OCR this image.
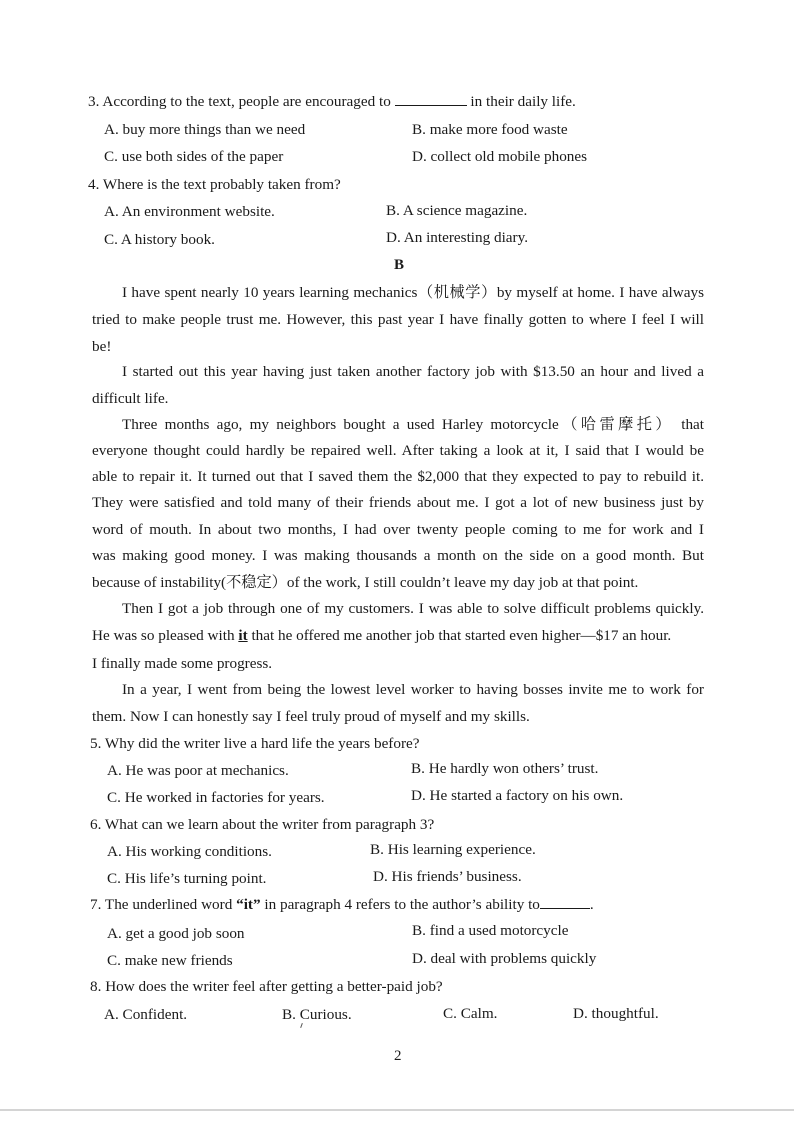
3. According to the text, people are encouraged to	in their daily life.
A. buy more things than we need	B. make more food waste
C. use both sides of the paper	D. collect old mobile phones
4. Where is the text probably taken from?
A. An environment website.	B. A science magazine.
C. A history book.	D. An interesting diary.
B
I have spent nearly 10 years learning mechanics（机械学）by myself at home. I have always
tried to make people trust me. However, this past year I have finally gotten to where I feel I will
be!
I started out this year having just taken another factory job with $13.50 an hour and lived a
difficult life.
Three months ago, my neighbors bought a used Harley motorcycle（哈雷摩托） that
everyone thought could hardly be repaired well. After taking a look at it, I said that I would be
able to repair it. It turned out that I saved them the $2,000 that they expected to pay to rebuild it.
They were satisfied and told many of their friends about me. I got a lot of new business just by
word of mouth. In about two months, I had over twenty people coming to me for work and I
was making good money. I was making thousands a month on the side on a good month. But
because of instability(不稳定）of the work, I still couldn’t leave my day job at that point.
Then I got a job through one of my customers. I was able to solve difficult problems quickly.
He was so pleased with it that he offered me another job that started even higher—$17 an hour.
I finally made some progress.
In a year, I went from being the lowest level worker to having bosses invite me to work for
them. Now I can honestly say I feel truly proud of myself and my skills.
5. Why did the writer live a hard life the years before?
A. He was poor at mechanics.	B. He hardly won others’ trust.
C. He worked in factories for years.	D. He started a factory on his own.
6. What can we learn about the writer from paragraph 3?
A. His working conditions.	B. His learning experience.
C. His life’s turning point.	D. His friends’ business.
7. The underlined word “it” in paragraph 4 refers to the author’s ability to	.
A. get a good job soon	B. find a used motorcycle
C. make new friends	D. deal with problems quickly
8. How does the writer feel after getting a better-paid job?
A. Confident.	B. Curious.	C. Calm.	D. thoughtful.
2
